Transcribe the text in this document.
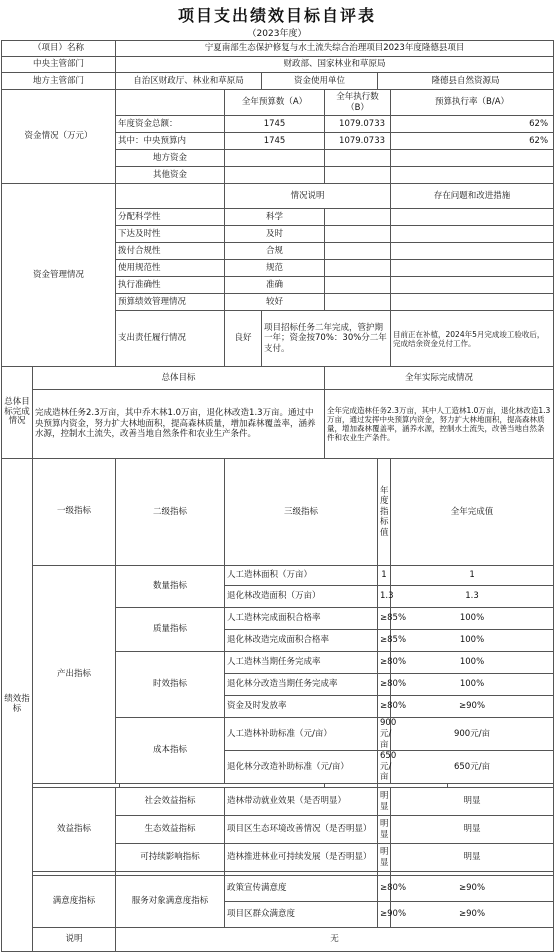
项目支出绩效目标自评表
（2023年度）
（项目）名称		宁夏南部生态保护修复与水土流失综合治理项目2023年度隆德县项目								
中央主管部门		财政部、国家林业和草原局								
地方主管部门		自治区财政厅、林业和草原局			资金使用单位		隆德县自然资源局			
资金情况（万元）				全年预算数（A）		全年执行数（B）		预算执行率（B/A）		
		年度资金总额：		1745		1079.0733		62%		
		其中：中央预算内		1745		1079.0733		62%		
		地方资金								
		其他资金								
资金管理情况				情况说明				存在问题和改进措施		
		分配科学性		科学						
		下达及时性		及时						
		拨付合规性		合规						
		使用规范性		规范						
		执行准确性		准确						
		预算绩效管理情况		较好						
		支出责任履行情况		良好	项目招标任务二年完成，管护期一年；资金按70%：30%分二年支付。			目前正在补植，2024年5月完成竣工验收后，完成结余资金兑付工作。		
总体目标完成情况	总体目标					全年实际完成情况				
	完成造林任务2.3万亩，其中乔木林1.0万亩，退化林改造1.3万亩。通过中央预算内资金，努力扩大林地面积，提高森林质量，增加森林覆盖率，涵养水源，控制水土流失，改善当地自然条件和农业生产条件。					全年完成造林任务2.3万亩，其中人工造林1.0万亩，退化林改造1.3万亩，通过发挥中央预算内资金，努力扩大林地面积，提高森林质量，增加森林覆盖率，涵养水源，控制水土流失，改善当地自然条件和农业生产条件。				
绩效指标	一级指标	二级指标		三级指标			年度指标值	全年完成值	
	产出指标	数量指标		人工造林面积（万亩）			1	1		
				退化林改造面积（万亩）			1.3	1.3		
		质量指标		人工造林完成面积合格率			≥85%	100%		
				退化林改造完成面积合格率			≥85%	100%		
		时效指标		人工造林当期任务完成率			≥80%	100%		
				退化林分改造当期任务完成率			≥80%	100%		
				资金及时发放率			≥80%	≥90%		
		成本指标		人工造林补助标准（元/亩）			900元/亩	900元/亩		
				退化林分改造补助标准（元/亩）			650元/亩	650元/亩		

	效益指标	社会效益指标		造林带动就业效果（是否明显）			明显	明显		
		生态效益指标		项目区生态环境改善情况（是否明显）			明显	明显		
		可持续影响指标		造林推进林业可持续发展（是否明显）			明显	明显		

	满意度指标	服务对象满意度指标		政策宣传满意度			≥80%	≥90%		
				项目区群众满意度			≥90%	≥90%		
	说明	无								
